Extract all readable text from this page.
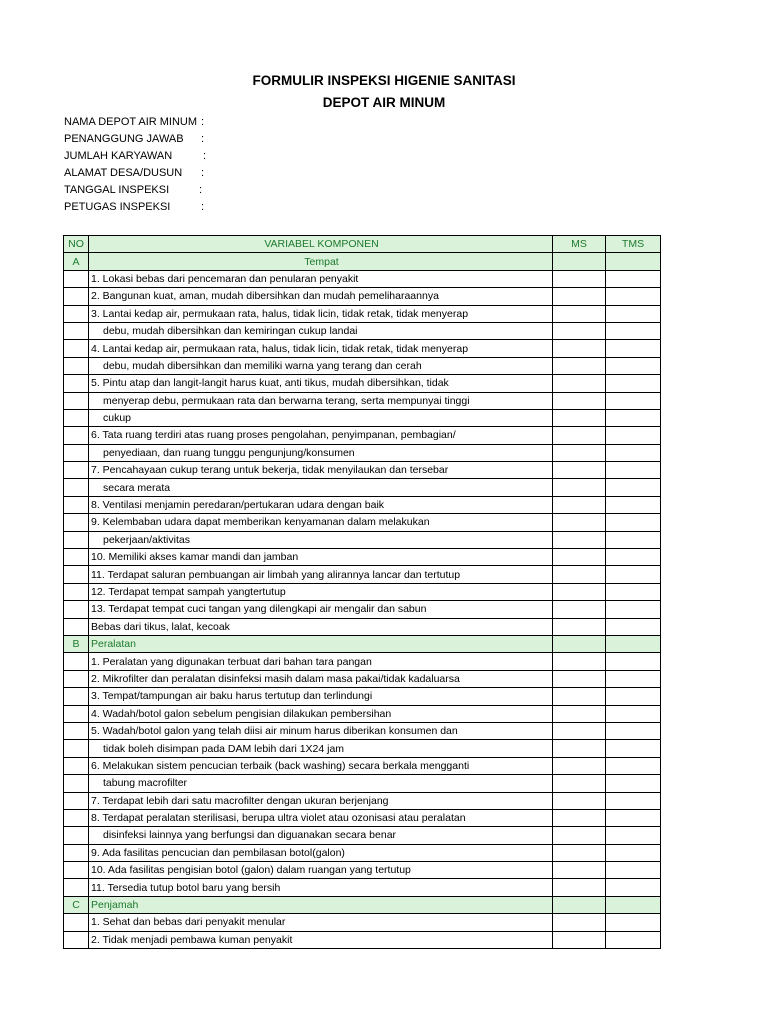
FORMULIR INSPEKSI HIGENIE SANITASI
DEPOT AIR MINUM
NAMA DEPOT AIR MINUM :
PENANGGUNG JAWAB :
JUMLAH KARYAWAN	:
ALAMAT DESA/DUSUN :
TANGGAL INSPEKSI	:
PETUGAS INSPEKSI	:
NO	VARIABEL KOMPONEN	MS	TMS
A	Tempat		
	1. Lokasi bebas dari pencemaran dan penularan penyakit		
	2. Bangunan kuat, aman, mudah dibersihkan dan mudah pemeliharaannya		
	3. Lantai kedap air, permukaan rata, halus, tidak licin, tidak retak, tidak menyerap		
	debu, mudah dibersihkan dan kemiringan cukup landai		
	4. Lantai kedap air, permukaan rata, halus, tidak licin, tidak retak, tidak menyerap		
	debu, mudah dibersihkan dan memiliki warna yang terang dan cerah		
	5. Pintu atap dan langit-langit harus kuat, anti tikus, mudah dibersihkan, tidak		
	menyerap debu, permukaan rata dan berwarna terang, serta mempunyai tinggi		
	cukup		
	6. Tata ruang terdiri atas ruang proses pengolahan, penyimpanan, pembagian/		
	penyediaan, dan ruang tunggu pengunjung/konsumen		
	7. Pencahayaan cukup terang untuk bekerja, tidak menyilaukan dan tersebar		
	secara merata		
	8. Ventilasi menjamin peredaran/pertukaran udara dengan baik		
	9. Kelembaban udara dapat memberikan kenyamanan dalam melakukan		
	pekerjaan/aktivitas		
	10. Memiliki akses kamar mandi dan jamban		
	11. Terdapat saluran pembuangan air limbah yang alirannya lancar dan tertutup		
	12. Terdapat tempat sampah yangtertutup		
	13. Terdapat tempat cuci tangan yang dilengkapi air mengalir dan sabun		
	Bebas dari tikus, lalat, kecoak		
B	Peralatan		
	1. Peralatan yang digunakan terbuat dari bahan tara pangan		
	2. Mikrofilter dan peralatan disinfeksi masih dalam masa pakai/tidak kadaluarsa		
	3. Tempat/tampungan air baku harus tertutup dan terlindungi		
	4. Wadah/botol galon sebelum pengisian dilakukan pembersihan		
	5. Wadah/botol galon yang telah diisi air minum harus diberikan konsumen dan		
	tidak boleh disimpan pada DAM lebih dari 1X24 jam		
	6. Melakukan sistem pencucian terbaik (back washing) secara berkala mengganti		
	tabung macrofilter		
	7. Terdapat lebih dari satu macrofilter dengan ukuran berjenjang		
	8. Terdapat peralatan sterilisasi, berupa ultra violet atau ozonisasi atau peralatan		
	disinfeksi lainnya yang berfungsi dan diguanakan secara benar		
	9. Ada fasilitas pencucian dan pembilasan botol(galon)		
	10. Ada fasilitas pengisian botol (galon) dalam ruangan yang tertutup		
	11. Tersedia tutup botol baru yang bersih		
C	Penjamah		
	1. Sehat dan bebas dari penyakit menular		
	2. Tidak menjadi pembawa kuman penyakit		
